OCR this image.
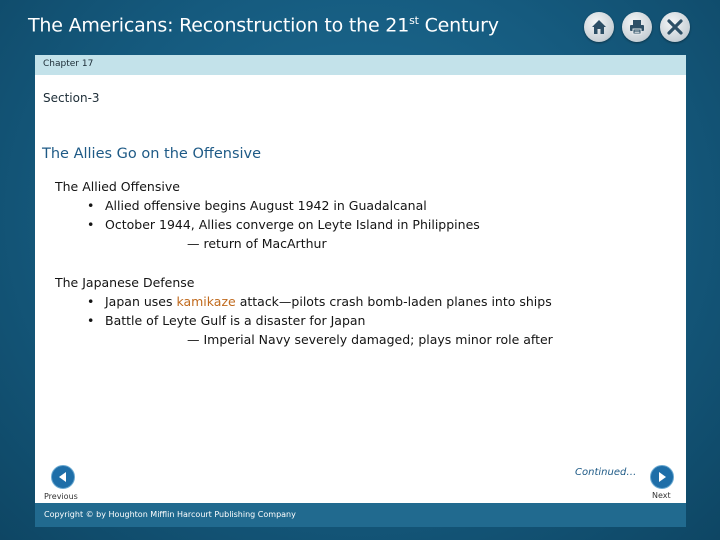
The Americans: Reconstruction to the 21st Century
Chapter 17
Section-3
The Allies Go on the Offensive
The Allied Offensive
• Allied offensive begins August 1942 in Guadalcanal
• October 1944, Allies converge on Leyte Island in Philippines
— return of MacArthur
The Japanese Defense
• Japan uses kamikaze attack—pilots crash bomb-laden planes into ships
• Battle of Leyte Gulf is a disaster for Japan
— Imperial Navy severely damaged; plays minor role after
Continued…
Previous	Next
Copyright © by Houghton Mifflin Harcourt Publishing Company
